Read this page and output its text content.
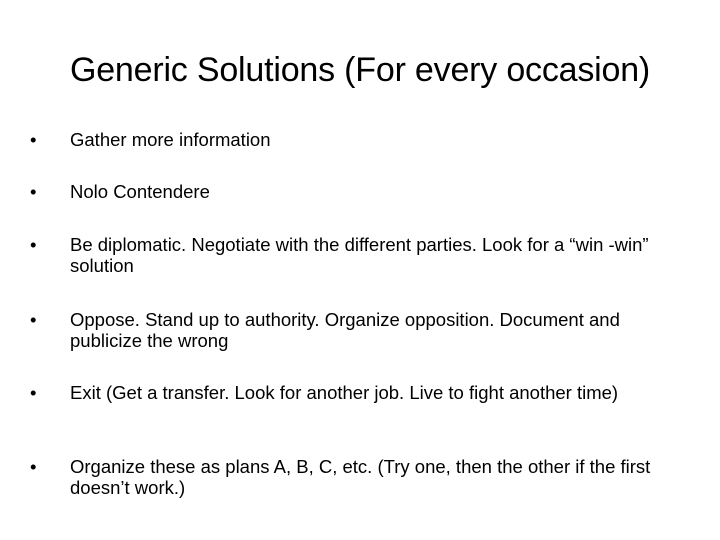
Generic Solutions (For every occasion)
•	Gather more information
•	Nolo Contendere
•	Be diplomatic. Negotiate with the different parties. Look for a “win -win” solution
•	Oppose. Stand up to authority. Organize opposition. Document and publicize the wrong
•	Exit (Get a transfer. Look for another job. Live to fight another time)
•	Organize these as plans A, B, C, etc. (Try one, then the other if the first doesn’t work.)
